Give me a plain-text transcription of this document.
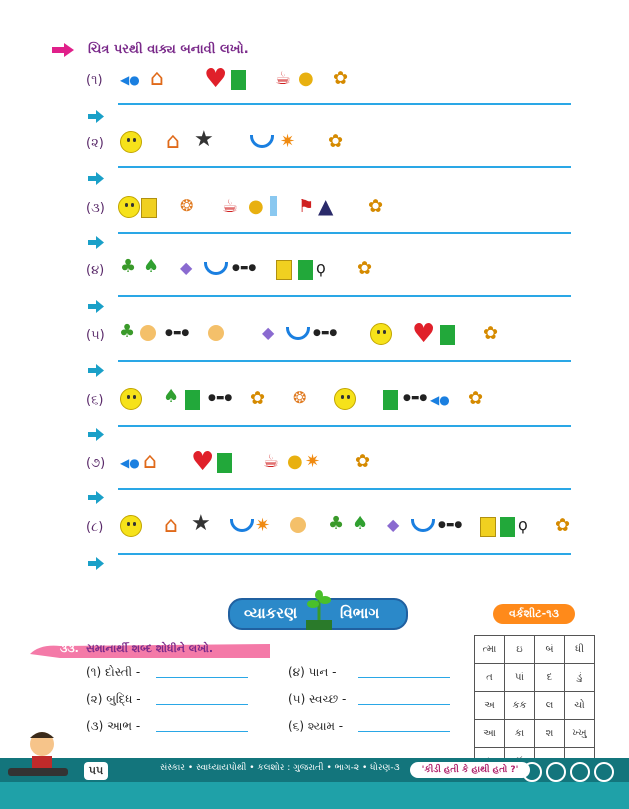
ચિત્ર પરથી વાક્ય બનાવી લખો.
(૧) ◀● ⌂ ♥	☕ ● ✿
(૨)	⌂ ★	✷ ✿
(૩)	❂ ☕ ● ⚑ ▲ ✿
(૪) ♣ ♠ ◆	●▬●	ϙ ✿
(૫) ♣	●▬●	◆	●▬●	♥	✿
(૬)	♠	●▬● ✿ ❂	●▬● ◀● ✿
(૭) ◀● ⌂ ♥	☕ ● ✷ ✿
(૮)	⌂ ★ ✷	♣ ♠ ◆	●▬●	ϙ ✿
વ્યાકરણ	વિભાગ	વર્કશીટ-૧૩
૩૩. સમાનાર્થી શબ્દ શોધીને લખો.
(૧) દોસ્તી -
(૨) બુદ્ધિ -
(૩) આભ -
(૪) પાન -
(૫) સ્વચ્છ -
(૬) શ્યામ -
ત્મા	ઇ	બં	ધી
ત	પાં	દ	ડું
અ	કક	લ	ચો
આ	કા	શ	ખ્ખુ

સંસ્કાર • સ્વાધ્યાયપોથી • કલશોર : ગુજરાતી • ભાગ-૨ • ધોરણ-૩
૫૫	'કીડી હતી કે હાથી હતો ?'
